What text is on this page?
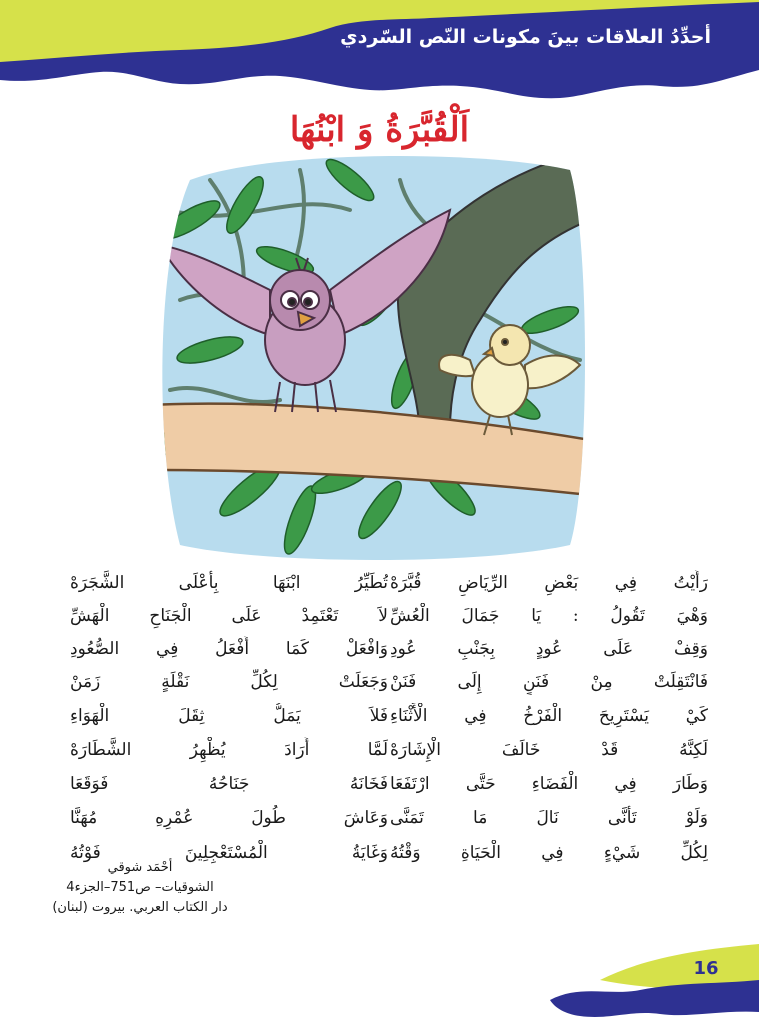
أحدِّدُ العلاقات بينَ مكونات النّص السّردي
اَلْقُبَّرَةُ وَ ابْنُهَا
رَأَيْتُ فِي بَعْضِ الرِّيَاضِ قُبَّرَهْ
وَهْيَ تَقُولُ : يَا جَمَالَ الْعُشِّ
وَقِفْ عَلَى عُودٍ بِجَنْبِ عُودِ
فَانْتَقِلَتْ مِنْ فَنَنٍ إِلَى فَنَنْ
كَيْ يَسْتَرِيحَ الْفَرْخُ فِي الْأَثْنَاءِ
لَكِنَّهُ قَدْ خَالَفَ الْإِشَارَهْ
وَطَارَ فِي الْفَضَاءِ حَتَّى ارْتَفَعَا
وَلَوْ تَأَنَّى نَالَ مَا تَمَنَّى
لِكُلِّ شَيْءٍ فِي الْحَيَاةِ وَقْتُهُ
تُطَيِّرُ ابْنَهَا بِأَعْلَى الشَّجَرَهْ
لاَ تَعْتَمِدْ عَلَى الْجَنَاحِ الْهَشِّ
وَافْعَلْ كَمَا أَفْعَلُ فِي الصُّعُودِ
وَجَعَلَتْ لِكُلِّ نَقْلَةٍ زَمَنْ
فَلاَ يَمَلُّ ثِقَلَ الْهَوَاءِ
لَمَّا أَرَادَ يُظْهِرُ الشَّطَارَهْ
فَخَانَهُ جَنَاحُهُ فَوَقَعَا
وَعَاشَ طُولَ عُمْرِهِ مُهَنَّا
وَغَايَةُ الْمُسْتَعْجِلِينَ فَوْتُهُ
أحْمَد شوقي
الشوقيات– ص751–الجزء4
دار الكتاب العربي. بيروت (لبنان)
16
